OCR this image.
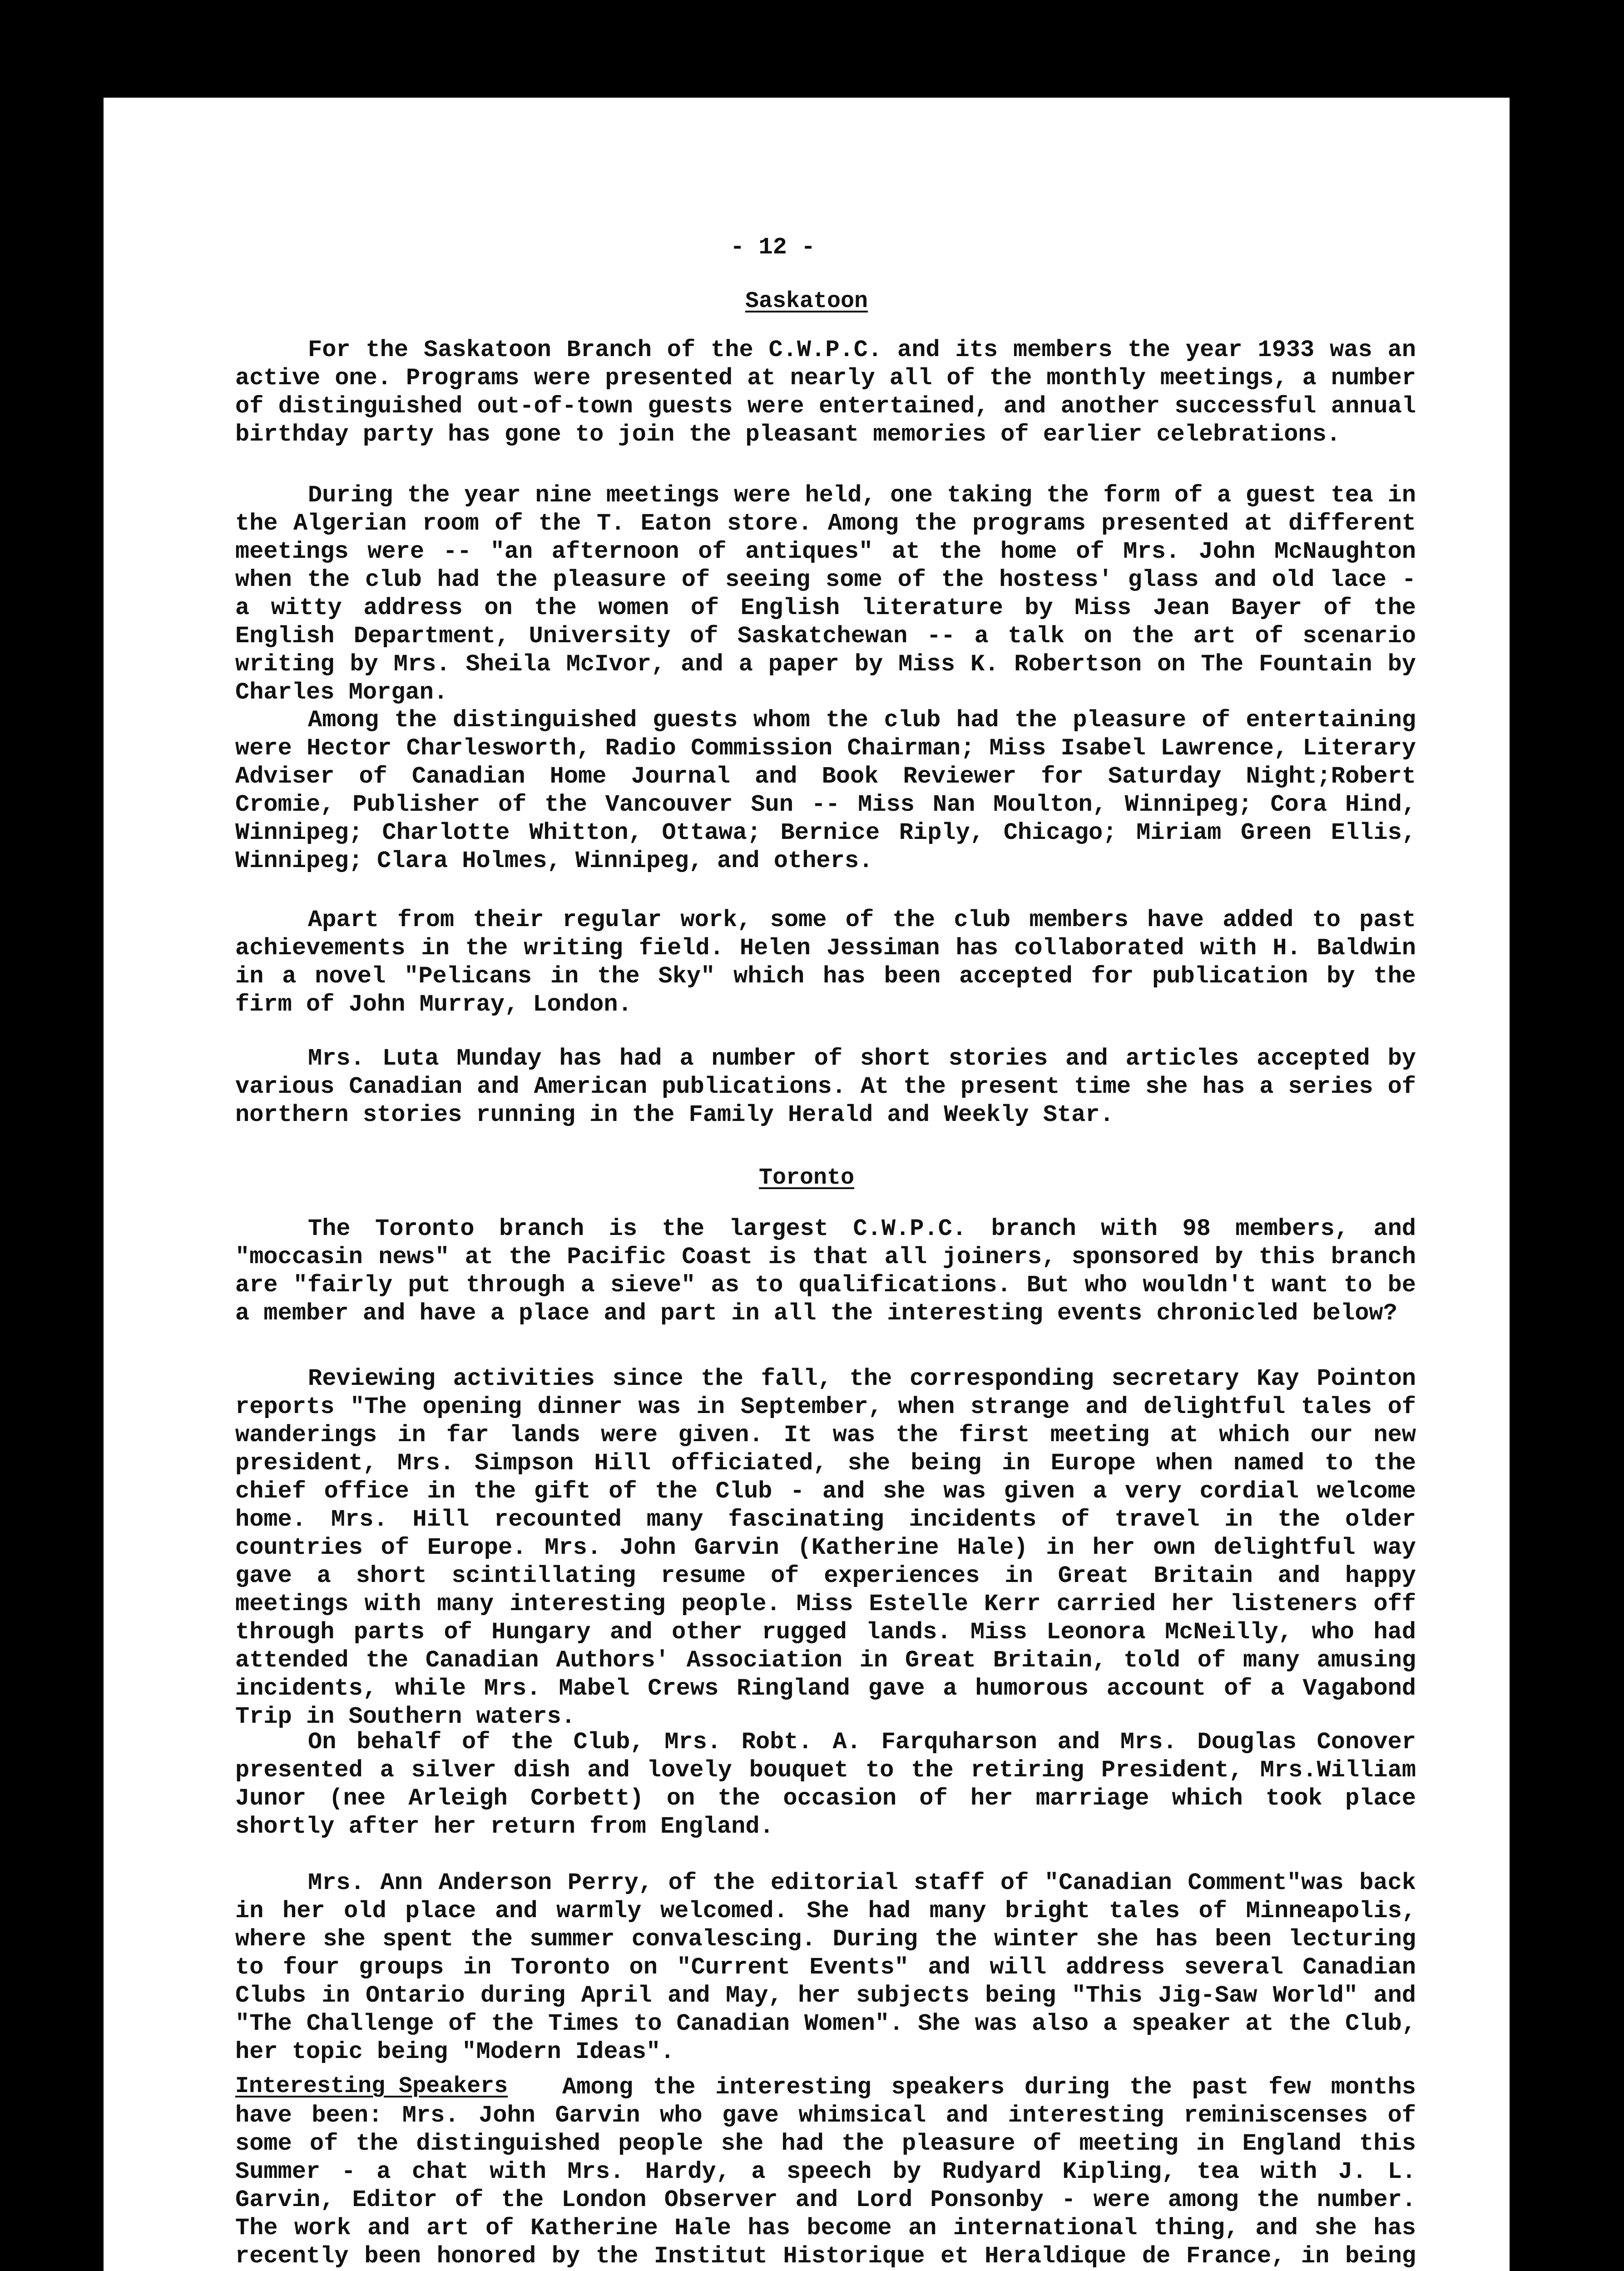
- 12 -
Saskatoon

For the Saskatoon Branch of the C.W.P.C. and its members the year 1933 was an active one. Programs were presented at nearly all of the monthly meetings, a number of distinguished out-of-town guests were entertained, and another successful annual birthday party has gone to join the pleasant memories of earlier celebrations.

During the year nine meetings were held, one taking the form of a guest tea in the Algerian room of the T. Eaton store. Among the programs presented at different meetings were -- "an afternoon of antiques" at the home of Mrs. John McNaughton when the club had the pleasure of seeing some of the hostess' glass and old lace - a witty address on the women of English literature by Miss Jean Bayer of the English Department, University of Saskatchewan -- a talk on the art of scenario writing by Mrs. Sheila McIvor, and a paper by Miss K. Robertson on The Fountain by Charles Morgan.

Among the distinguished guests whom the club had the pleasure of entertaining were Hector Charlesworth, Radio Commission Chairman; Miss Isabel Lawrence, Literary Adviser of Canadian Home Journal and Book Reviewer for Saturday Night;Robert Cromie, Publisher of the Vancouver Sun -- Miss Nan Moulton, Winnipeg; Cora Hind, Winnipeg; Charlotte Whitton, Ottawa; Bernice Riply, Chicago; Miriam Green Ellis, Winnipeg; Clara Holmes, Winnipeg, and others.

Apart from their regular work, some of the club members have added to past achievements in the writing field. Helen Jessiman has collaborated with H. Baldwin in a novel "Pelicans in the Sky" which has been accepted for publication by the firm of John Murray, London.

Mrs. Luta Munday has had a number of short stories and articles accepted by various Canadian and American publications. At the present time she has a series of northern stories running in the Family Herald and Weekly Star.

Toronto

The Toronto branch is the largest C.W.P.C. branch with 98 members, and "moccasin news" at the Pacific Coast is that all joiners, sponsored by this branch are "fairly put through a sieve" as to qualifications. But who wouldn't want to be a member and have a place and part in all the interesting events chronicled below?

Reviewing activities since the fall, the corresponding secretary Kay Pointon reports "The opening dinner was in September, when strange and delightful tales of wanderings in far lands were given. It was the first meeting at which our new president, Mrs. Simpson Hill officiated, she being in Europe when named to the chief office in the gift of the Club - and she was given a very cordial welcome home. Mrs. Hill recounted many fascinating incidents of travel in the older countries of Europe. Mrs. John Garvin (Katherine Hale) in her own delightful way gave a short scintillating resume of experiences in Great Britain and happy meetings with many interesting people. Miss Estelle Kerr carried her listeners off through parts of Hungary and other rugged lands. Miss Leonora McNeilly, who had attended the Canadian Authors' Association in Great Britain, told of many amusing incidents, while Mrs. Mabel Crews Ringland gave a humorous account of a Vagabond Trip in Southern waters.

On behalf of the Club, Mrs. Robt. A. Farquharson and Mrs. Douglas Conover presented a silver dish and lovely bouquet to the retiring President, Mrs.William Junor (nee Arleigh Corbett) on the occasion of her marriage which took place shortly after her return from England.

Mrs. Ann Anderson Perry, of the editorial staff of "Canadian Comment"was back in her old place and warmly welcomed. She had many bright tales of Minneapolis, where she spent the summer convalescing. During the winter she has been lecturing to four groups in Toronto on "Current Events" and will address several Canadian Clubs in Ontario during April and May, her subjects being "This Jig-Saw World" and "The Challenge of the Times to Canadian Women". She was also a speaker at the Club, her topic being "Modern Ideas".

Interesting Speakers	Among the interesting speakers during the past few months have been: Mrs. John Garvin who gave whimsical and interesting reminiscenses of some of the distinguished people she had the pleasure of meeting in England this Summer - a chat with Mrs. Hardy, a speech by Rudyard Kipling, tea with J. L. Garvin, Editor of the London Observer and Lord Ponsonby - were among the number. The work and art of Katherine Hale has become an international thing, and she has recently been honored by the Institut Historique et Heraldique de France, in being
